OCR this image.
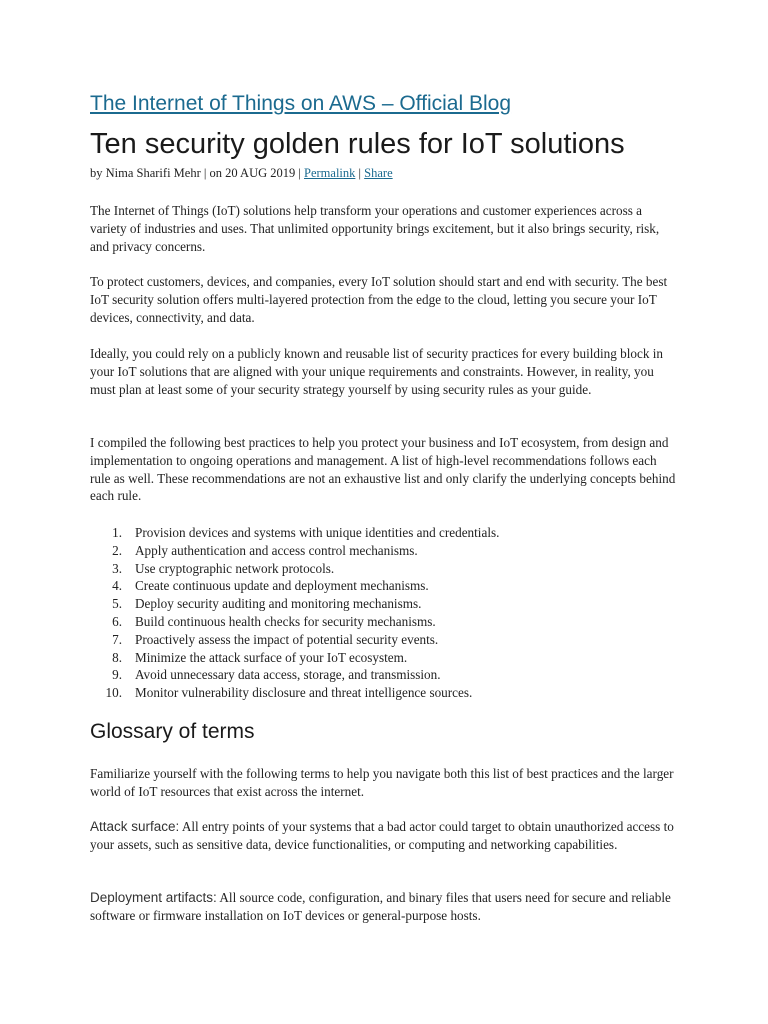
The Internet of Things on AWS – Official Blog
Ten security golden rules for IoT solutions
by Nima Sharifi Mehr | on 20 AUG 2019 | Permalink | Share

The Internet of Things (IoT) solutions help transform your operations and customer experiences across a variety of industries and uses. That unlimited opportunity brings excitement, but it also brings security, risk, and privacy concerns.

To protect customers, devices, and companies, every IoT solution should start and end with security. The best IoT security solution offers multi-layered protection from the edge to the cloud, letting you secure your IoT devices, connectivity, and data.

Ideally, you could rely on a publicly known and reusable list of security practices for every building block in your IoT solutions that are aligned with your unique requirements and constraints. However, in reality, you must plan at least some of your security strategy yourself by using security rules as your guide.

I compiled the following best practices to help you protect your business and IoT ecosystem, from design and implementation to ongoing operations and management. A list of high-level recommendations follows each rule as well. These recommendations are not an exhaustive list and only clarify the underlying concepts behind each rule.

1. Provision devices and systems with unique identities and credentials.
2. Apply authentication and access control mechanisms.
3. Use cryptographic network protocols.
4. Create continuous update and deployment mechanisms.
5. Deploy security auditing and monitoring mechanisms.
6. Build continuous health checks for security mechanisms.
7. Proactively assess the impact of potential security events.
8. Minimize the attack surface of your IoT ecosystem.
9. Avoid unnecessary data access, storage, and transmission.
10. Monitor vulnerability disclosure and threat intelligence sources.
Glossary of terms

Familiarize yourself with the following terms to help you navigate both this list of best practices and the larger world of IoT resources that exist across the internet.

Attack surface: All entry points of your systems that a bad actor could target to obtain unauthorized access to your assets, such as sensitive data, device functionalities, or computing and networking capabilities.

Deployment artifacts: All source code, configuration, and binary files that users need for secure and reliable software or firmware installation on IoT devices or general-purpose hosts.
